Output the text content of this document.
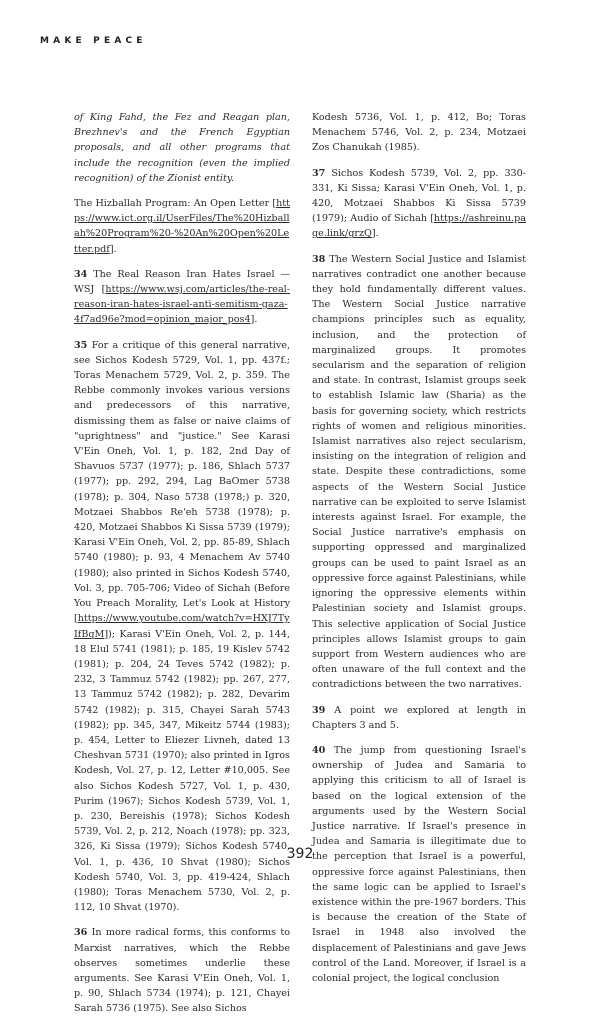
MAKE PEACE

of King Fahd, the Fez and Reagan plan, Brezhnev's and the French Egyptian proposals, and all other programs that include the recognition (even the implied recognition) of the Zionist entity.

The Hizballah Program: An Open Letter [https://www.ict.org.il/UserFiles/The%20Hizballah%20Program%20-%20An%20Open%20Letter.pdf].

34 The Real Reason Iran Hates Israel — WSJ [https://www.wsj.com/articles/the-real-reason-iran-hates-israel-anti-semitism-gaza-4f7ad96e?mod=opinion_major_pos4].

35 For a critique of this general narrative, see Sichos Kodesh 5729, Vol. 1, pp. 437f.; Toras Menachem 5729, Vol. 2, p. 359. The Rebbe commonly invokes various versions and predecessors of this narrative, dismissing them as false or naive claims of "uprightness" and "justice." See Karasi V'Ein Oneh, Vol. 1, p. 182, 2nd Day of Shavuos 5737 (1977); p. 186, Shlach 5737 (1977); pp. 292, 294, Lag BaOmer 5738 (1978); p. 304, Naso 5738 (1978;) p. 320, Motzaei Shabbos Re'eh 5738 (1978); p. 420, Motzaei Shabbos Ki Sissa 5739 (1979); Karasi V'Ein Oneh, Vol. 2, pp. 85-89, Shlach 5740 (1980); p. 93, 4 Menachem Av 5740 (1980); also printed in Sichos Kodesh 5740, Vol. 3, pp. 705-706; Video of Sichah (Before You Preach Morality, Let's Look at History [https://www.youtube.com/watch?v=HXJ7TyIfBqM]); Karasi V'Ein Oneh, Vol. 2, p. 144, 18 Elul 5741 (1981); p. 185, 19 Kislev 5742 (1981); p. 204, 24 Teves 5742 (1982); p. 232, 3 Tammuz 5742 (1982); pp. 267, 277, 13 Tammuz 5742 (1982); p. 282, Devarim 5742 (1982); p. 315, Chayei Sarah 5743 (1982); pp. 345, 347, Mikeitz 5744 (1983); p. 454, Letter to Eliezer Livneh, dated 13 Cheshvan 5731 (1970); also printed in Igros Kodesh, Vol. 27, p. 12, Letter #10,005. See also Sichos Kodesh 5727, Vol. 1, p. 430, Purim (1967); Sichos Kodesh 5739, Vol. 1, p. 230, Bereishis (1978); Sichos Kodesh 5739, Vol. 2, p. 212, Noach (1978); pp. 323, 326, Ki Sissa (1979); Sichos Kodesh 5740, Vol. 1, p. 436, 10 Shvat (1980); Sichos Kodesh 5740, Vol. 3, pp. 419-424, Shlach (1980); Toras Menachem 5730, Vol. 2, p. 112, 10 Shvat (1970).

36 In more radical forms, this conforms to Marxist narratives, which the Rebbe observes sometimes underlie these arguments. See Karasi V'Ein Oneh, Vol. 1, p. 90, Shlach 5734 (1974); p. 121, Chayei Sarah 5736 (1975). See also Sichos

Kodesh 5736, Vol. 1, p. 412, Bo; Toras Menachem 5746, Vol. 2, p. 234, Motzaei Zos Chanukah (1985).

37 Sichos Kodesh 5739, Vol. 2, pp. 330-331, Ki Sissa; Karasi V'Ein Oneh, Vol. 1, p. 420, Motzaei Shabbos Ki Sissa 5739 (1979); Audio of Sichah [https://ashreinu.page.link/grzQ].

38 The Western Social Justice and Islamist narratives contradict one another because they hold fundamentally different values. The Western Social Justice narrative champions principles such as equality, inclusion, and the protection of marginalized groups. It promotes secularism and the separation of religion and state. In contrast, Islamist groups seek to establish Islamic law (Sharia) as the basis for governing society, which restricts rights of women and religious minorities. Islamist narratives also reject secularism, insisting on the integration of religion and state. Despite these contradictions, some aspects of the Western Social Justice narrative can be exploited to serve Islamist interests against Israel. For example, the Social Justice narrative's emphasis on supporting oppressed and marginalized groups can be used to paint Israel as an oppressive force against Palestinians, while ignoring the oppressive elements within Palestinian society and Islamist groups. This selective application of Social Justice principles allows Islamist groups to gain support from Western audiences who are often unaware of the full context and the contradictions between the two narratives.

39 A point we explored at length in Chapters 3 and 5.

40 The jump from questioning Israel's ownership of Judea and Samaria to applying this criticism to all of Israel is based on the logical extension of the arguments used by the Western Social Justice narrative. If Israel's presence in Judea and Samaria is illegitimate due to the perception that Israel is a powerful, oppressive force against Palestinians, then the same logic can be applied to Israel's existence within the pre-1967 borders. This is because the creation of the State of Israel in 1948 also involved the displacement of Palestinians and gave Jews control of the Land. Moreover, if Israel is a colonial project, the logical conclusion

392
